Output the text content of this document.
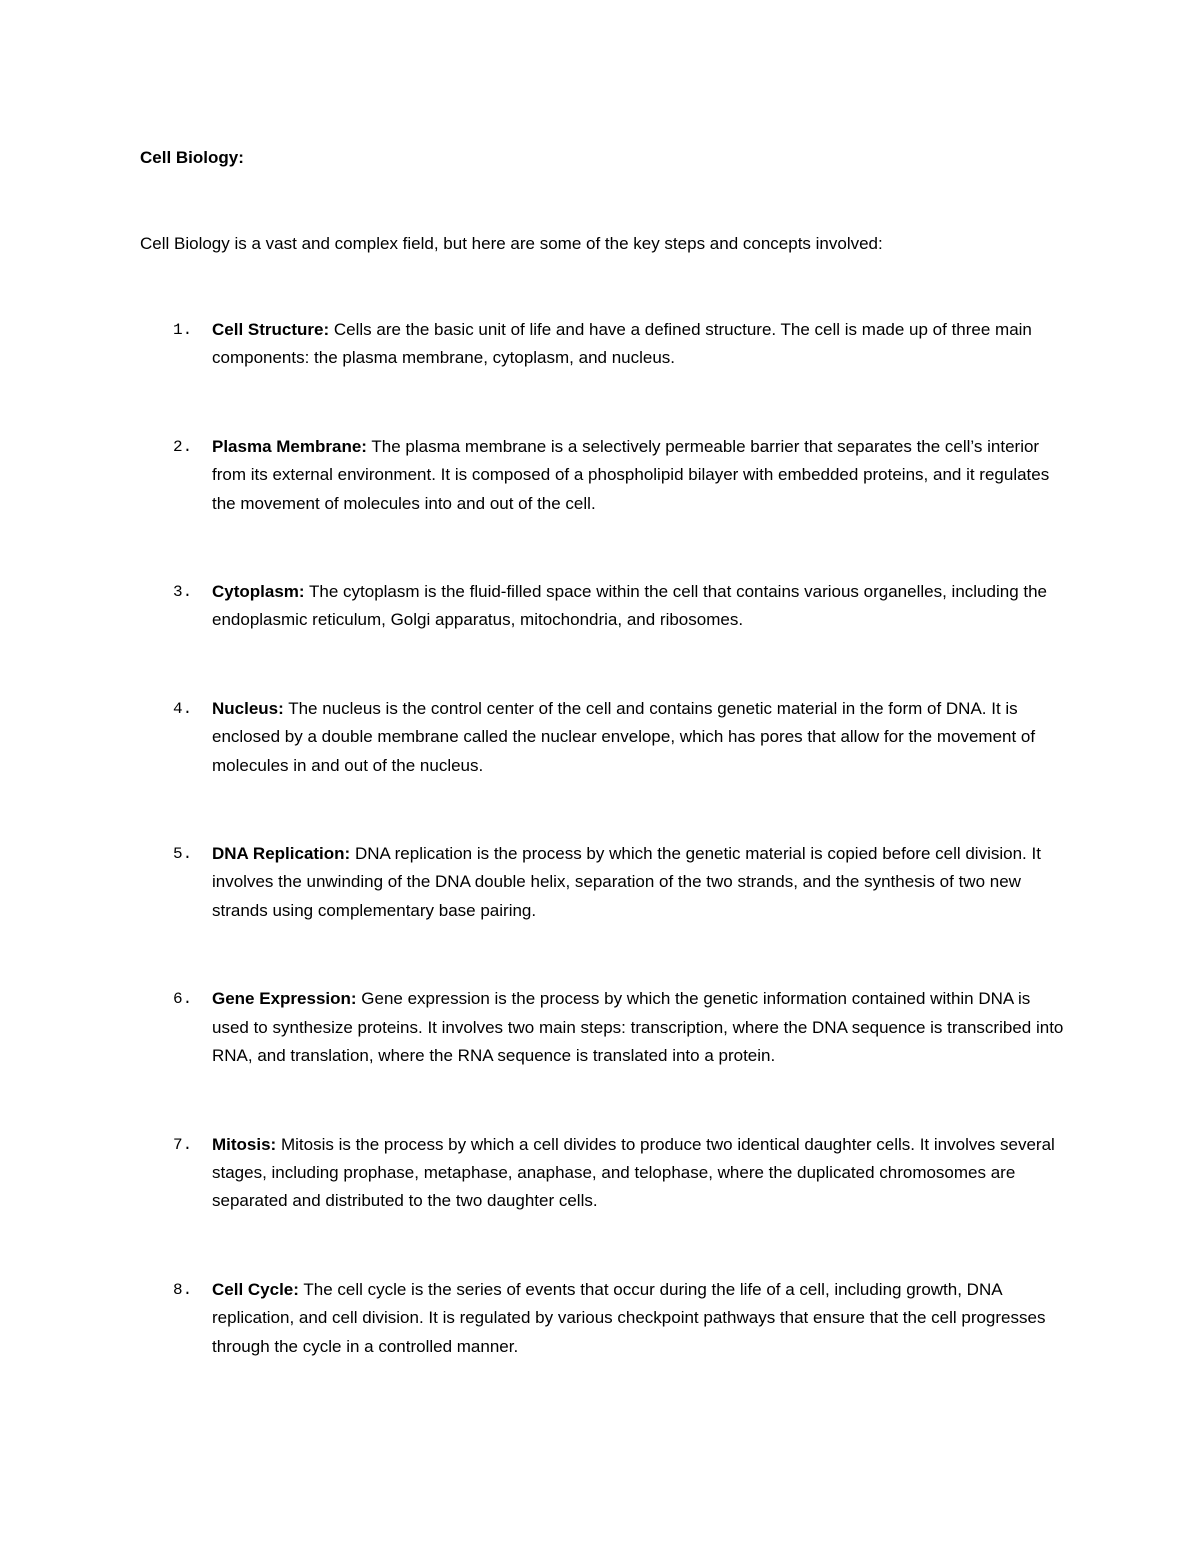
Cell Biology:

Cell Biology is a vast and complex field, but here are some of the key steps and concepts involved:

1.	Cell Structure: Cells are the basic unit of life and have a defined structure. The cell is made up of three main components: the plasma membrane, cytoplasm, and nucleus.
2.	Plasma Membrane: The plasma membrane is a selectively permeable barrier that separates the cell’s interior from its external environment. It is composed of a phospholipid bilayer with embedded proteins, and it regulates the movement of molecules into and out of the cell.
3.	Cytoplasm: The cytoplasm is the fluid-filled space within the cell that contains various organelles, including the endoplasmic reticulum, Golgi apparatus, mitochondria, and ribosomes.
4.	Nucleus: The nucleus is the control center of the cell and contains genetic material in the form of DNA. It is enclosed by a double membrane called the nuclear envelope, which has pores that allow for the movement of molecules in and out of the nucleus.
5.	DNA Replication: DNA replication is the process by which the genetic material is copied before cell division. It involves the unwinding of the DNA double helix, separation of the two strands, and the synthesis of two new strands using complementary base pairing.
6.	Gene Expression: Gene expression is the process by which the genetic information contained within DNA is used to synthesize proteins. It involves two main steps: transcription, where the DNA sequence is transcribed into RNA, and translation, where the RNA sequence is translated into a protein.
7.	Mitosis: Mitosis is the process by which a cell divides to produce two identical daughter cells. It involves several stages, including prophase, metaphase, anaphase, and telophase, where the duplicated chromosomes are separated and distributed to the two daughter cells.
8.	Cell Cycle: The cell cycle is the series of events that occur during the life of a cell, including growth, DNA replication, and cell division. It is regulated by various checkpoint pathways that ensure that the cell progresses through the cycle in a controlled manner.
